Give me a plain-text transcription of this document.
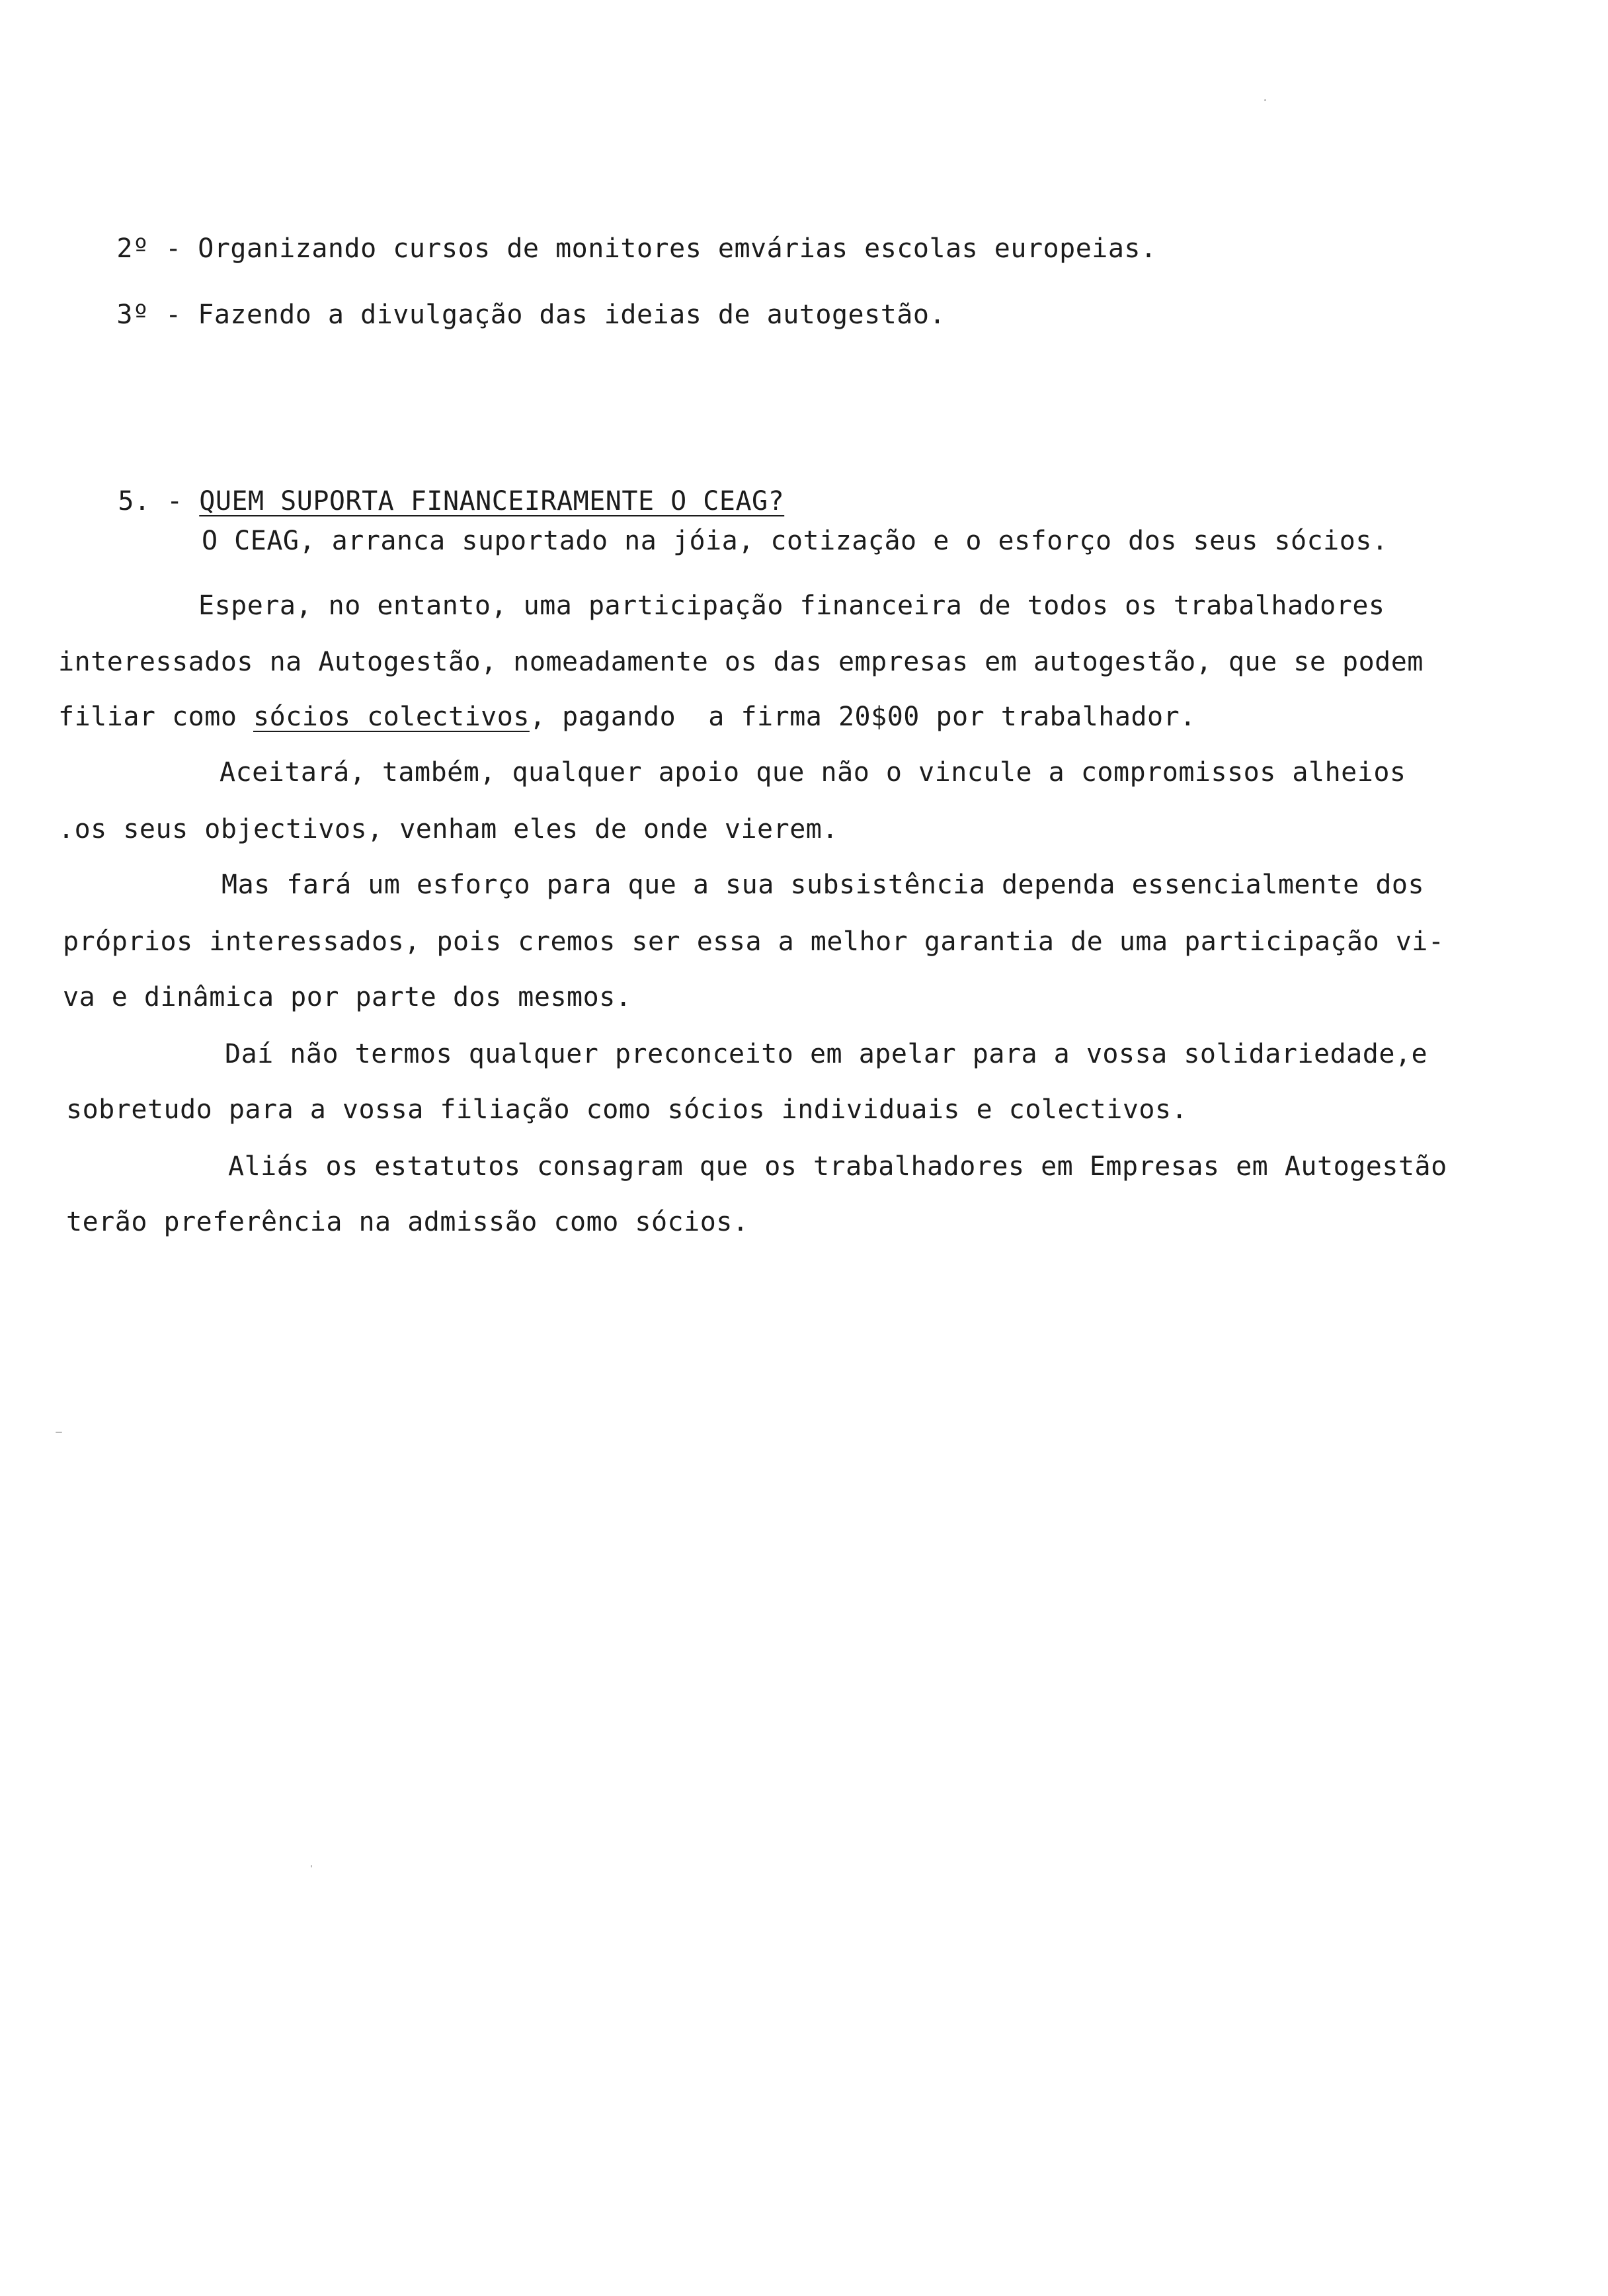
2º - Organizando cursos de monitores emvárias escolas europeias.

3º - Fazendo a divulgação das ideias de autogestão.

5. - QUEM SUPORTA FINANCEIRAMENTE O CEAG?

O CEAG, arranca suportado na jóia, cotização e o esforço dos seus sócios.
Espera, no entanto, uma participação financeira de todos os trabalhadores
interessados na Autogestão, nomeadamente os das empresas em autogestão, que se podem
filiar como sócios colectivos, pagando  a firma 20$00 por trabalhador.
Aceitará, também, qualquer apoio que não o vincule a compromissos alheios
.os seus objectivos, venham eles de onde vierem.
Mas fará um esforço para que a sua subsistência dependa essencialmente dos
próprios interessados, pois cremos ser essa a melhor garantia de uma participação vi-
va e dinâmica por parte dos mesmos.
Daí não termos qualquer preconceito em apelar para a vossa solidariedade,e
sobretudo para a vossa filiação como sócios individuais e colectivos.
Aliás os estatutos consagram que os trabalhadores em Empresas em Autogestão
terão preferência na admissão como sócios.
